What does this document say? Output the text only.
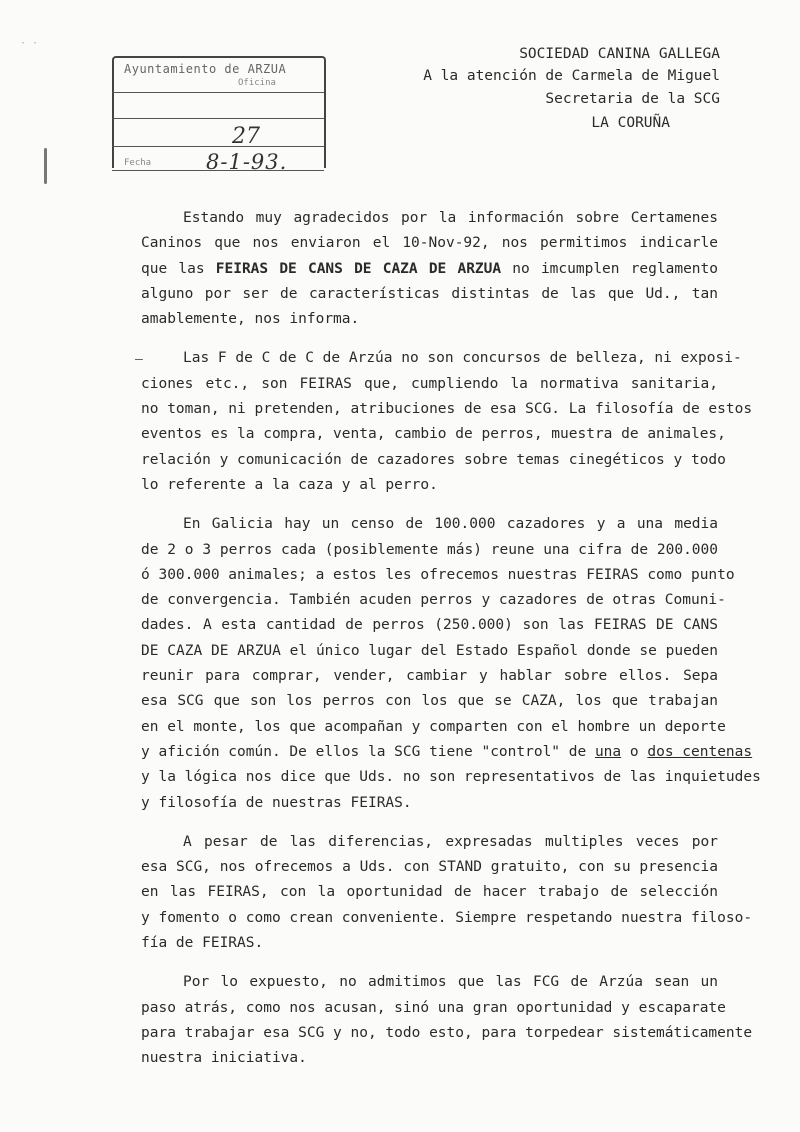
· ·
Ayuntamiento de ARZUA
Oficina
27
Fecha	8-1-93.
SOCIEDAD CANINA GALLEGA
A la atención de Carmela de Miguel
Secretaria de la SCG
LA CORUÑA
–
Estando muy agradecidos por la información sobre Certamenes
Caninos que nos enviaron el 10-Nov-92, nos permitimos indicarle
que las FEIRAS DE CANS DE CAZA DE ARZUA no imcumplen reglamento
alguno por ser de características distintas de las que Ud., tan
amablemente, nos informa.
Las F de C de C de Arzúa no son concursos de belleza, ni exposi-
ciones etc., son FEIRAS que, cumpliendo la normativa sanitaria,
no toman, ni pretenden, atribuciones de esa SCG. La filosofía de estos
eventos es la compra, venta, cambio de perros, muestra de animales,
relación y comunicación de cazadores sobre temas cinegéticos y todo
lo referente a la caza y al perro.
En Galicia hay un censo de 100.000 cazadores y a una media
de 2 o 3 perros cada (posiblemente más) reune una cifra de 200.000
ó 300.000 animales; a estos les ofrecemos nuestras FEIRAS como punto
de convergencia. También acuden perros y cazadores de otras Comuni-
dades. A esta cantidad de perros (250.000) son las FEIRAS DE CANS
DE CAZA DE ARZUA el único lugar del Estado Español donde se pueden
reunir para comprar, vender, cambiar y hablar sobre ellos. Sepa
esa SCG que son los perros con los que se CAZA, los que trabajan
en el monte, los que acompañan y comparten con el hombre un deporte
y afición común. De ellos la SCG tiene "control" de una o dos centenas
y la lógica nos dice que Uds. no son representativos de las inquietudes
y filosofía de nuestras FEIRAS.
A pesar de las diferencias, expresadas multiples veces por
esa SCG, nos ofrecemos a Uds. con STAND gratuito, con su presencia
en las FEIRAS, con la oportunidad de hacer trabajo de selección
y fomento o como crean conveniente. Siempre respetando nuestra filoso-
fía de FEIRAS.
Por lo expuesto, no admitimos que las FCG de Arzúa sean un
paso atrás, como nos acusan, sinó una gran oportunidad y escaparate
para trabajar esa SCG y no, todo esto, para torpedear sistemáticamente
nuestra iniciativa.
